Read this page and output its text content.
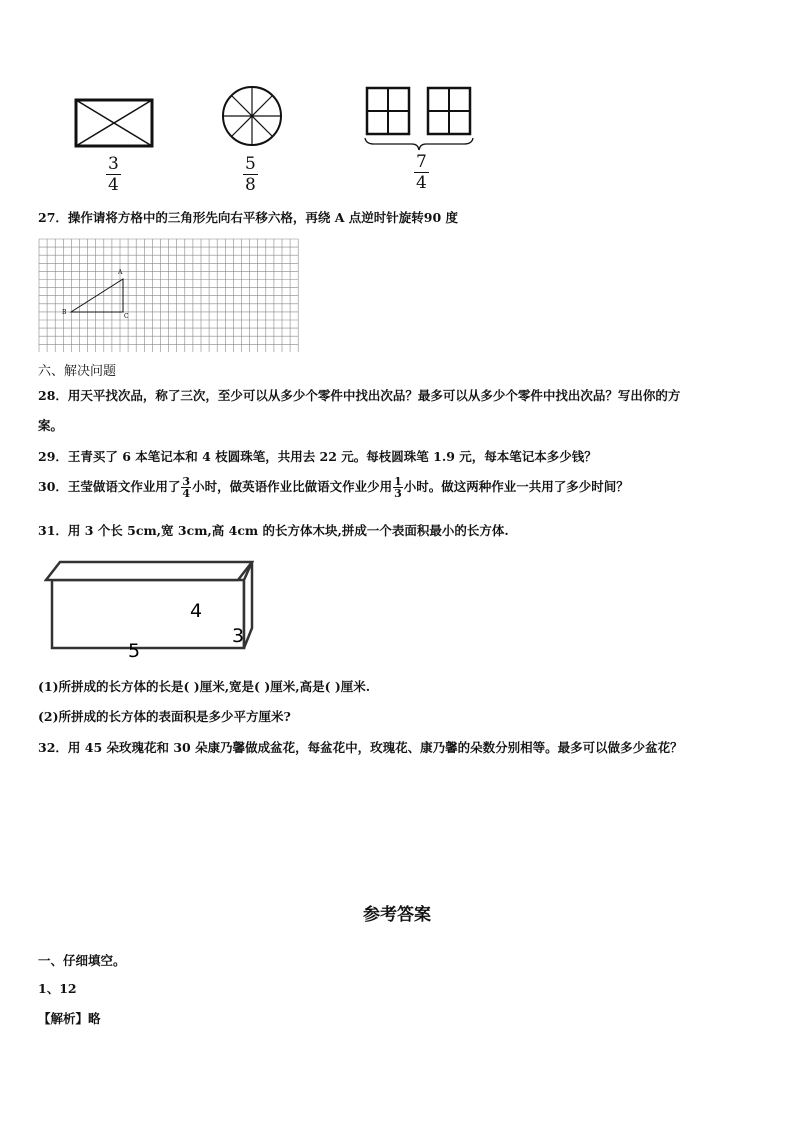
3
4
5
8
7
4
27．操作请将方格中的三角形先向右平移六格，再绕 A 点逆时针旋转90 度
A
B
C
六、解决问题
28．用天平找次品，称了三次，至少可以从多少个零件中找出次品？最多可以从多少个零件中找出次品？写出你的方
案。
29．王青买了 6 本笔记本和 4 枝圆珠笔，共用去 22 元。每枝圆珠笔 1.9 元，每本笔记本多少钱？
30．王莹做语文作业用了 $\frac{3}{4}$ 小时，做英语作业比做语文作业少用 $\frac{1}{3}$ 小时。做这两种作业一共用了多少时间？
31．用 3 个长 5cm,宽 3cm,高 4cm 的长方体木块,拼成一个表面积最小的长方体.
4
5
3
(1)所拼成的长方体的长是( )厘米,宽是( )厘米,高是( )厘米.
(2)所拼成的长方体的表面积是多少平方厘米?
32．用 45 朵玫瑰花和 30 朵康乃馨做成盆花，每盆花中，玫瑰花、康乃馨的朵数分别相等。最多可以做多少盆花？
参考答案
一、仔细填空。
1、12
【解析】略
